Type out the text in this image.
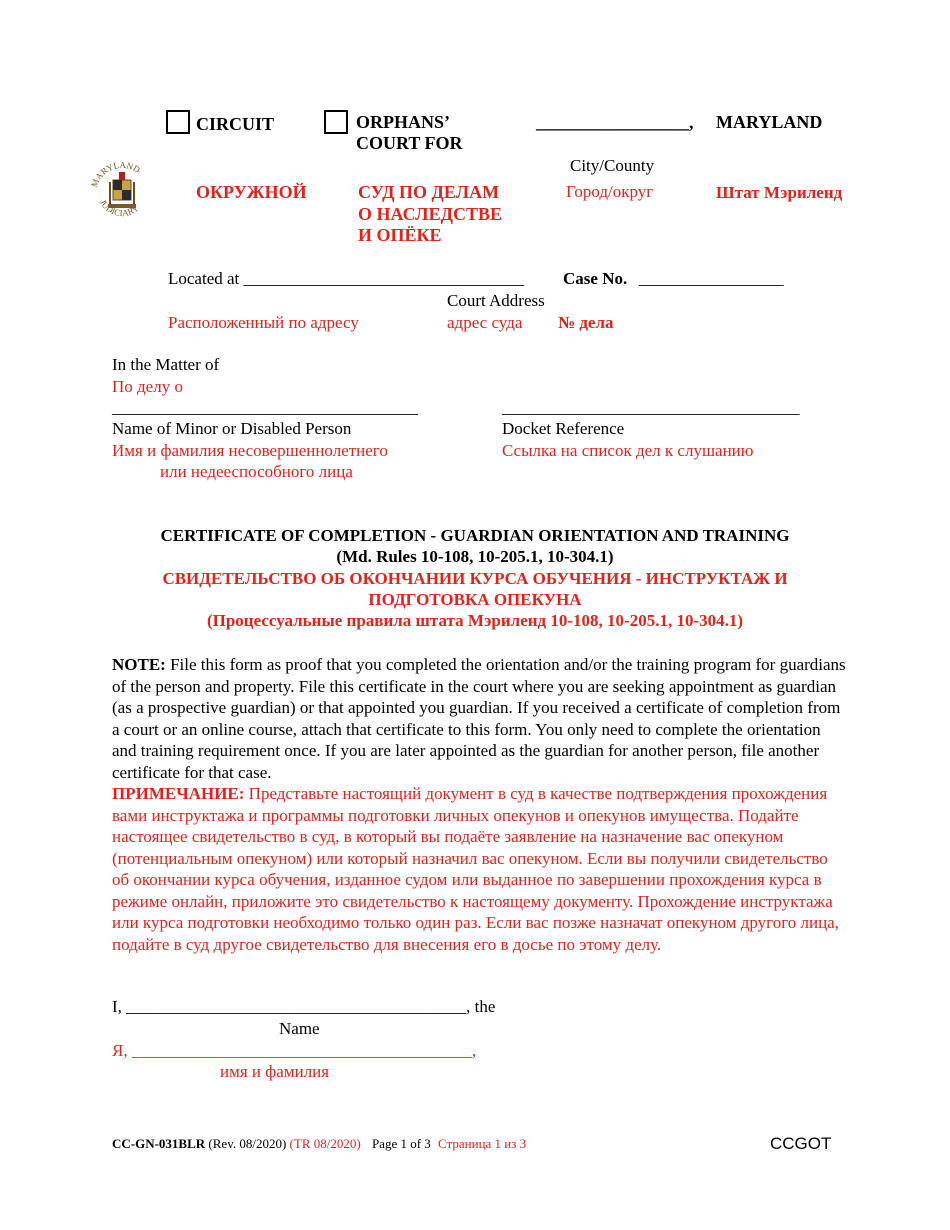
CIRCUIT	ORPHANS’
COURT FOR
_________________, MARYLAND
City/County
MARYLAND
JUDICIARY
ОКРУЖНОЙ	СУД ПО ДЕЛАМ
О НАСЛЕДСТВЕ
И ОПЁКЕ
Город/округ	Штат Мэриленд
Located at _________________________________ Case No. _________________
Court Address
Расположенный по адресу	адрес суда № дела
In the Matter of
По делу о
____________________________________	___________________________________
Name of Minor or Disabled Person	Docket Reference
Имя и фамилия несовершеннолетнего	Ссылка на список дел к слушанию
или недееспособного лица
CERTIFICATE OF COMPLETION - GUARDIAN ORIENTATION AND TRAINING
(Md. Rules 10-108, 10-205.1, 10-304.1)
СВИДЕТЕЛЬСТВО ОБ ОКОНЧАНИИ КУРСА ОБУЧЕНИЯ - ИНСТРУКТАЖ И
ПОДГОТОВКА ОПЕКУНА
(Процессуальные правила штата Мэриленд 10-108, 10-205.1, 10-304.1)
NOTE: File this form as proof that you completed the orientation and/or the training program for guardians of the person and property. File this certificate in the court where you are seeking appointment as guardian (as a prospective guardian) or that appointed you guardian. If you received a certificate of completion from a court or an online course, attach that certificate to this form. You only need to complete the orientation and training requirement once. If you are later appointed as the guardian for another person, file another certificate for that case.
ПРИМЕЧАНИЕ: Представьте настоящий документ в суд в качестве подтверждения прохождения вами инструктажа и программы подготовки личных опекунов и опекунов имущества. Подайте настоящее свидетельство в суд, в который вы подаёте заявление на назначение вас опекуном (потенциальным опекуном) или который назначил вас опекуном. Если вы получили свидетельство об окончании курса обучения, изданное судом или выданное по завершении прохождения курса в режиме онлайн, приложите это свидетельство к настоящему документу. Прохождение инструктажа или курса подготовки необходимо только один раз. Если вас позже назначат опекуном другого лица, подайте в суд другое свидетельство для внесения его в досье по этому делу.
I, ________________________________________, the
Name
Я, ________________________________________,
имя и фамилия
CC-GN-031BLR (Rev. 08/2020) (TR 08/2020) Page 1 of 3 Страница 1 из 3	CCGOT
